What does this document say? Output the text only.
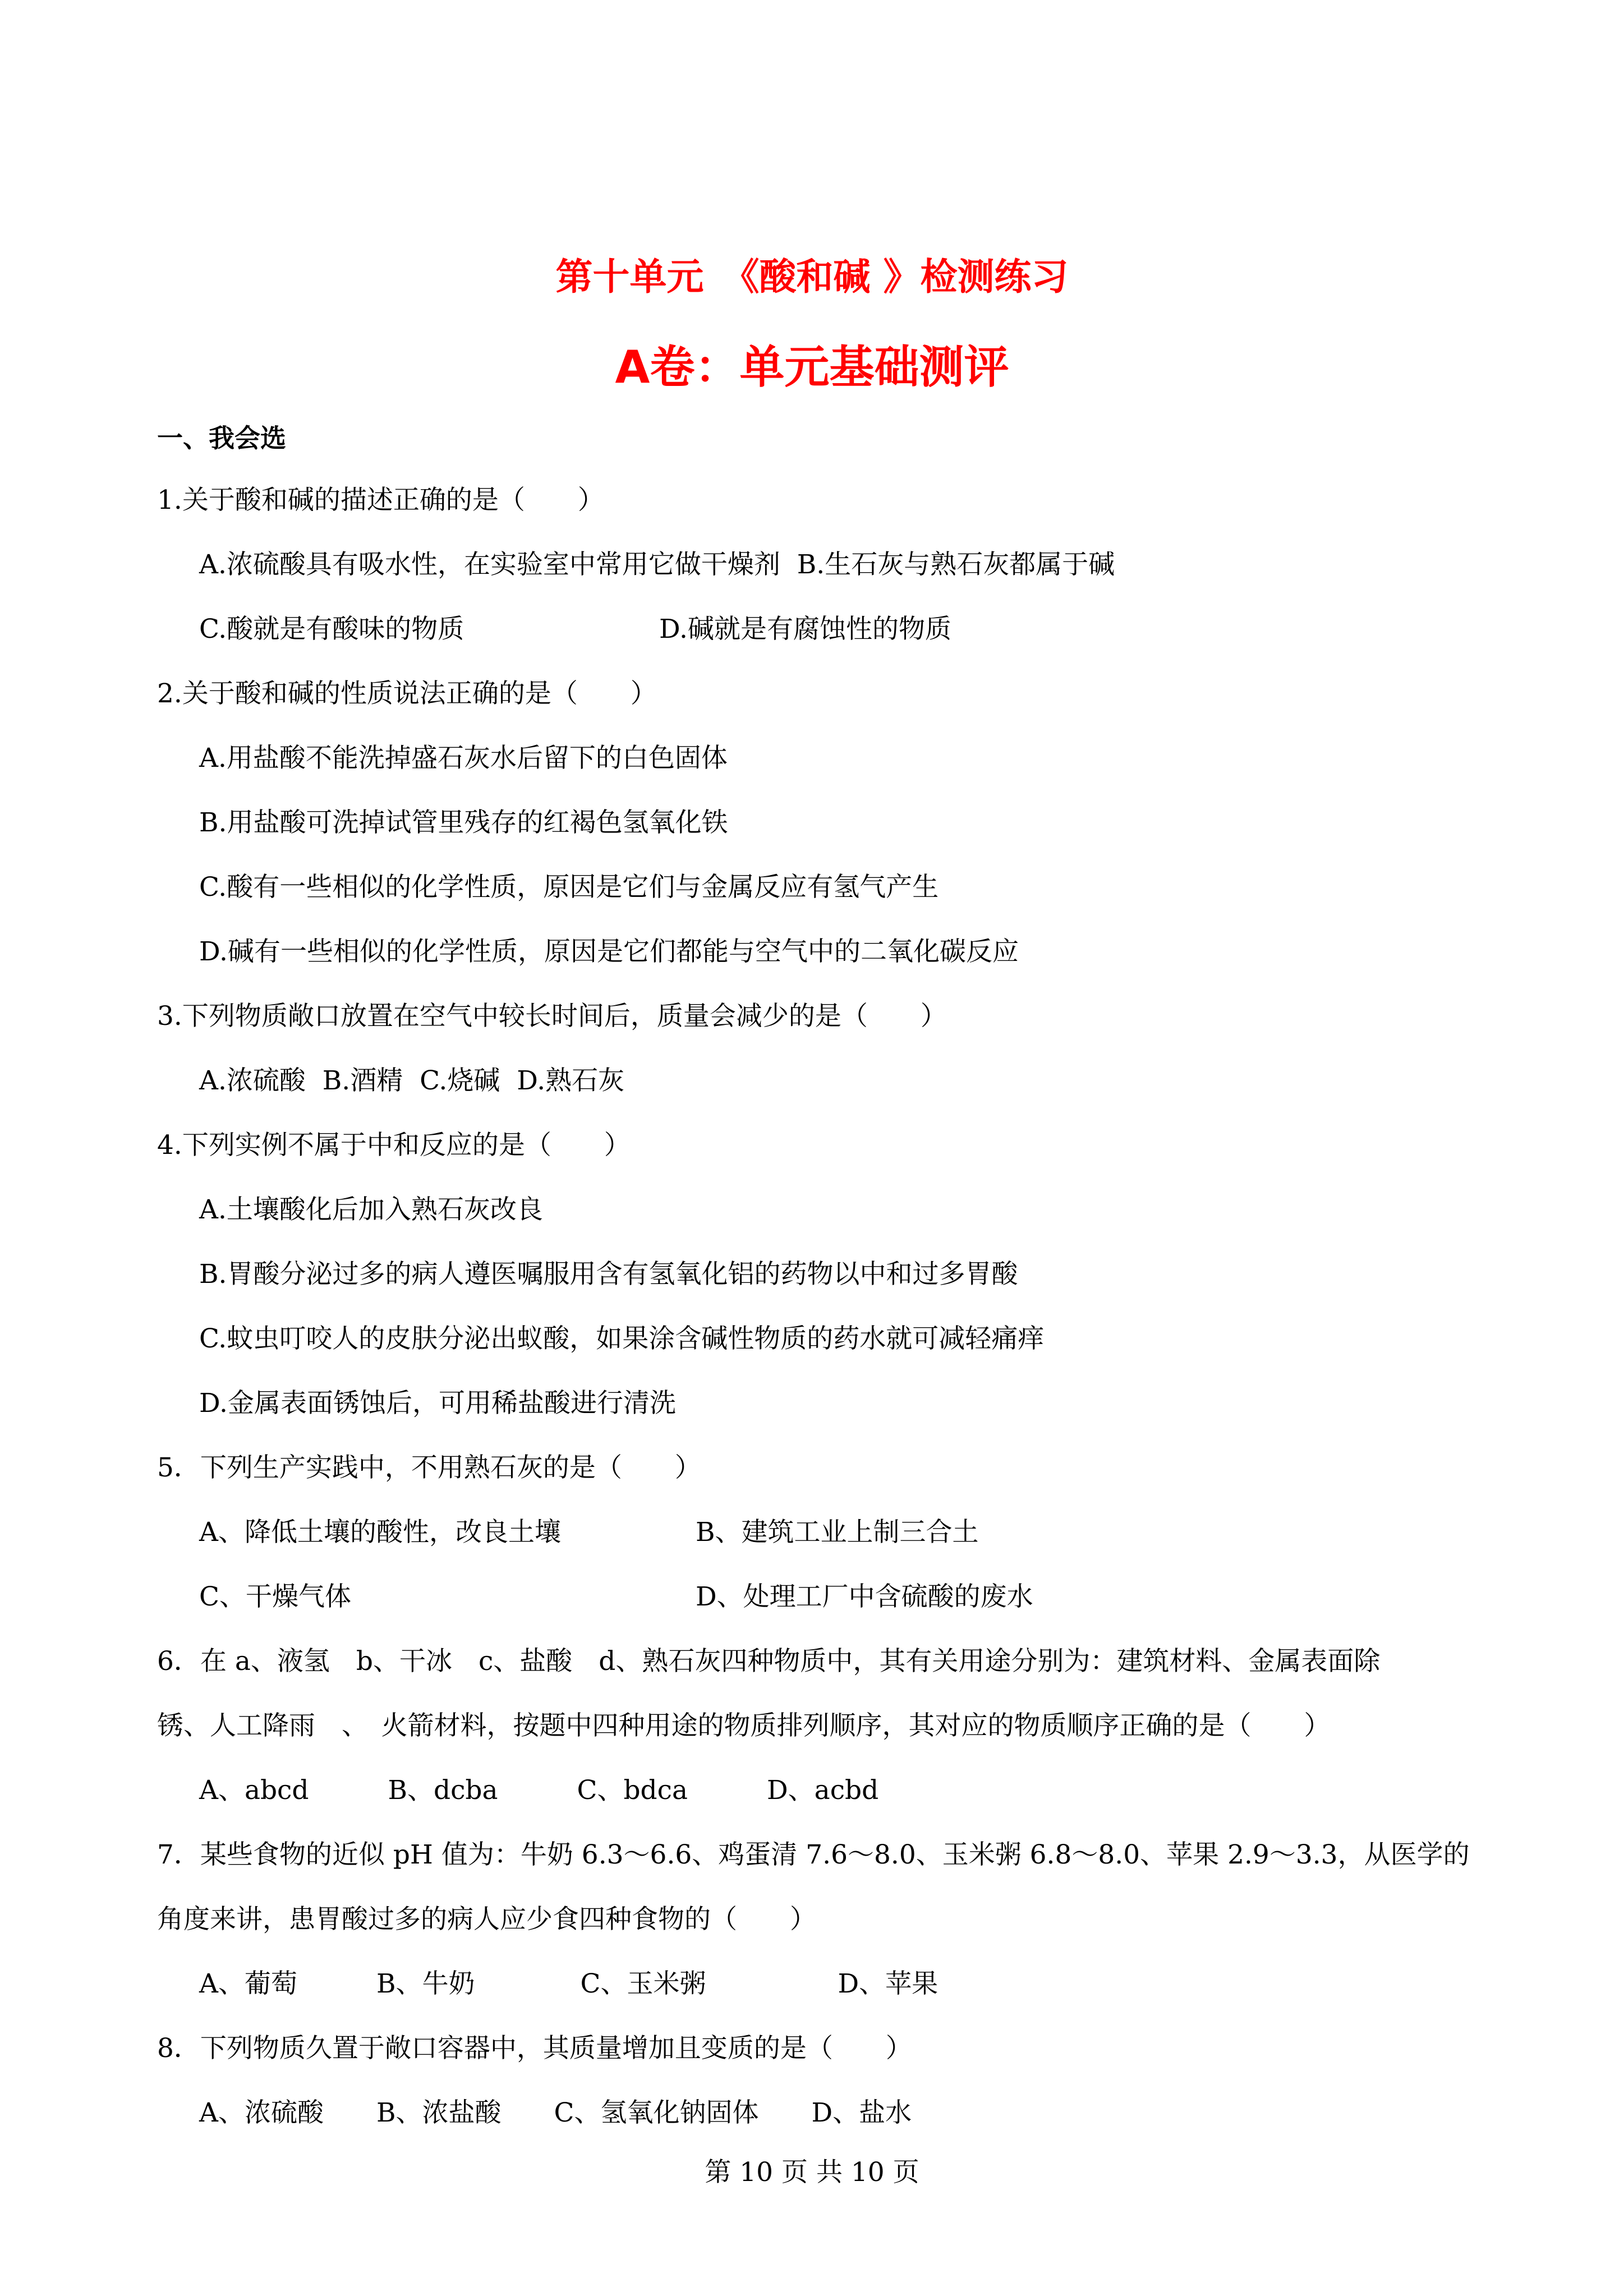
第十单元　《酸和碱 》检测练习
A卷：单元基础测评
一、我会选
1.关于酸和碱的描述正确的是（　　）
A.浓硫酸具有吸水性，在实验室中常用它做干燥剂  B.生石灰与熟石灰都属于碱
C.酸就是有酸味的物质	D.碱就是有腐蚀性的物质
2.关于酸和碱的性质说法正确的是（　　）
A.用盐酸不能洗掉盛石灰水后留下的白色固体
B.用盐酸可洗掉试管里残存的红褐色氢氧化铁
C.酸有一些相似的化学性质，原因是它们与金属反应有氢气产生
D.碱有一些相似的化学性质，原因是它们都能与空气中的二氧化碳反应
3.下列物质敞口放置在空气中较长时间后，质量会减少的是（　　）
A.浓硫酸  B.酒精  C.烧碱  D.熟石灰
4.下列实例不属于中和反应的是（　　）
A.土壤酸化后加入熟石灰改良
B.胃酸分泌过多的病人遵医嘱服用含有氢氧化铝的药物以中和过多胃酸
C.蚊虫叮咬人的皮肤分泌出蚁酸，如果涂含碱性物质的药水就可减轻痛痒
D.金属表面锈蚀后，可用稀盐酸进行清洗
5．下列生产实践中，不用熟石灰的是（　　）
A、降低土壤的酸性，改良土壤	B、建筑工业上制三合土
C、干燥气体	D、处理工厂中含硫酸的废水
6．在 a、液氢　b、干冰　c、盐酸　d、熟石灰四种物质中，其有关用途分别为：建筑材料、金属表面除
锈、人工降雨　、　火箭材料，按题中四种用途的物质排列顺序，其对应的物质顺序正确的是（　　）
A、abcd　　　B、dcba　　　C、bdca　　　D、acbd
7．某些食物的近似 pH 值为：牛奶 6.3～6.6、鸡蛋清 7.6～8.0、玉米粥 6.8～8.0、苹果 2.9～3.3，从医学的
角度来讲，患胃酸过多的病人应少食四种食物的（　　）
A、葡萄　　　B、牛奶　　　　C、玉米粥　　　　　D、苹果
8．下列物质久置于敞口容器中，其质量增加且变质的是（　　）
A、浓硫酸　　B、浓盐酸　　C、氢氧化钠固体　　D、盐水
第 10 页 共 10 页
